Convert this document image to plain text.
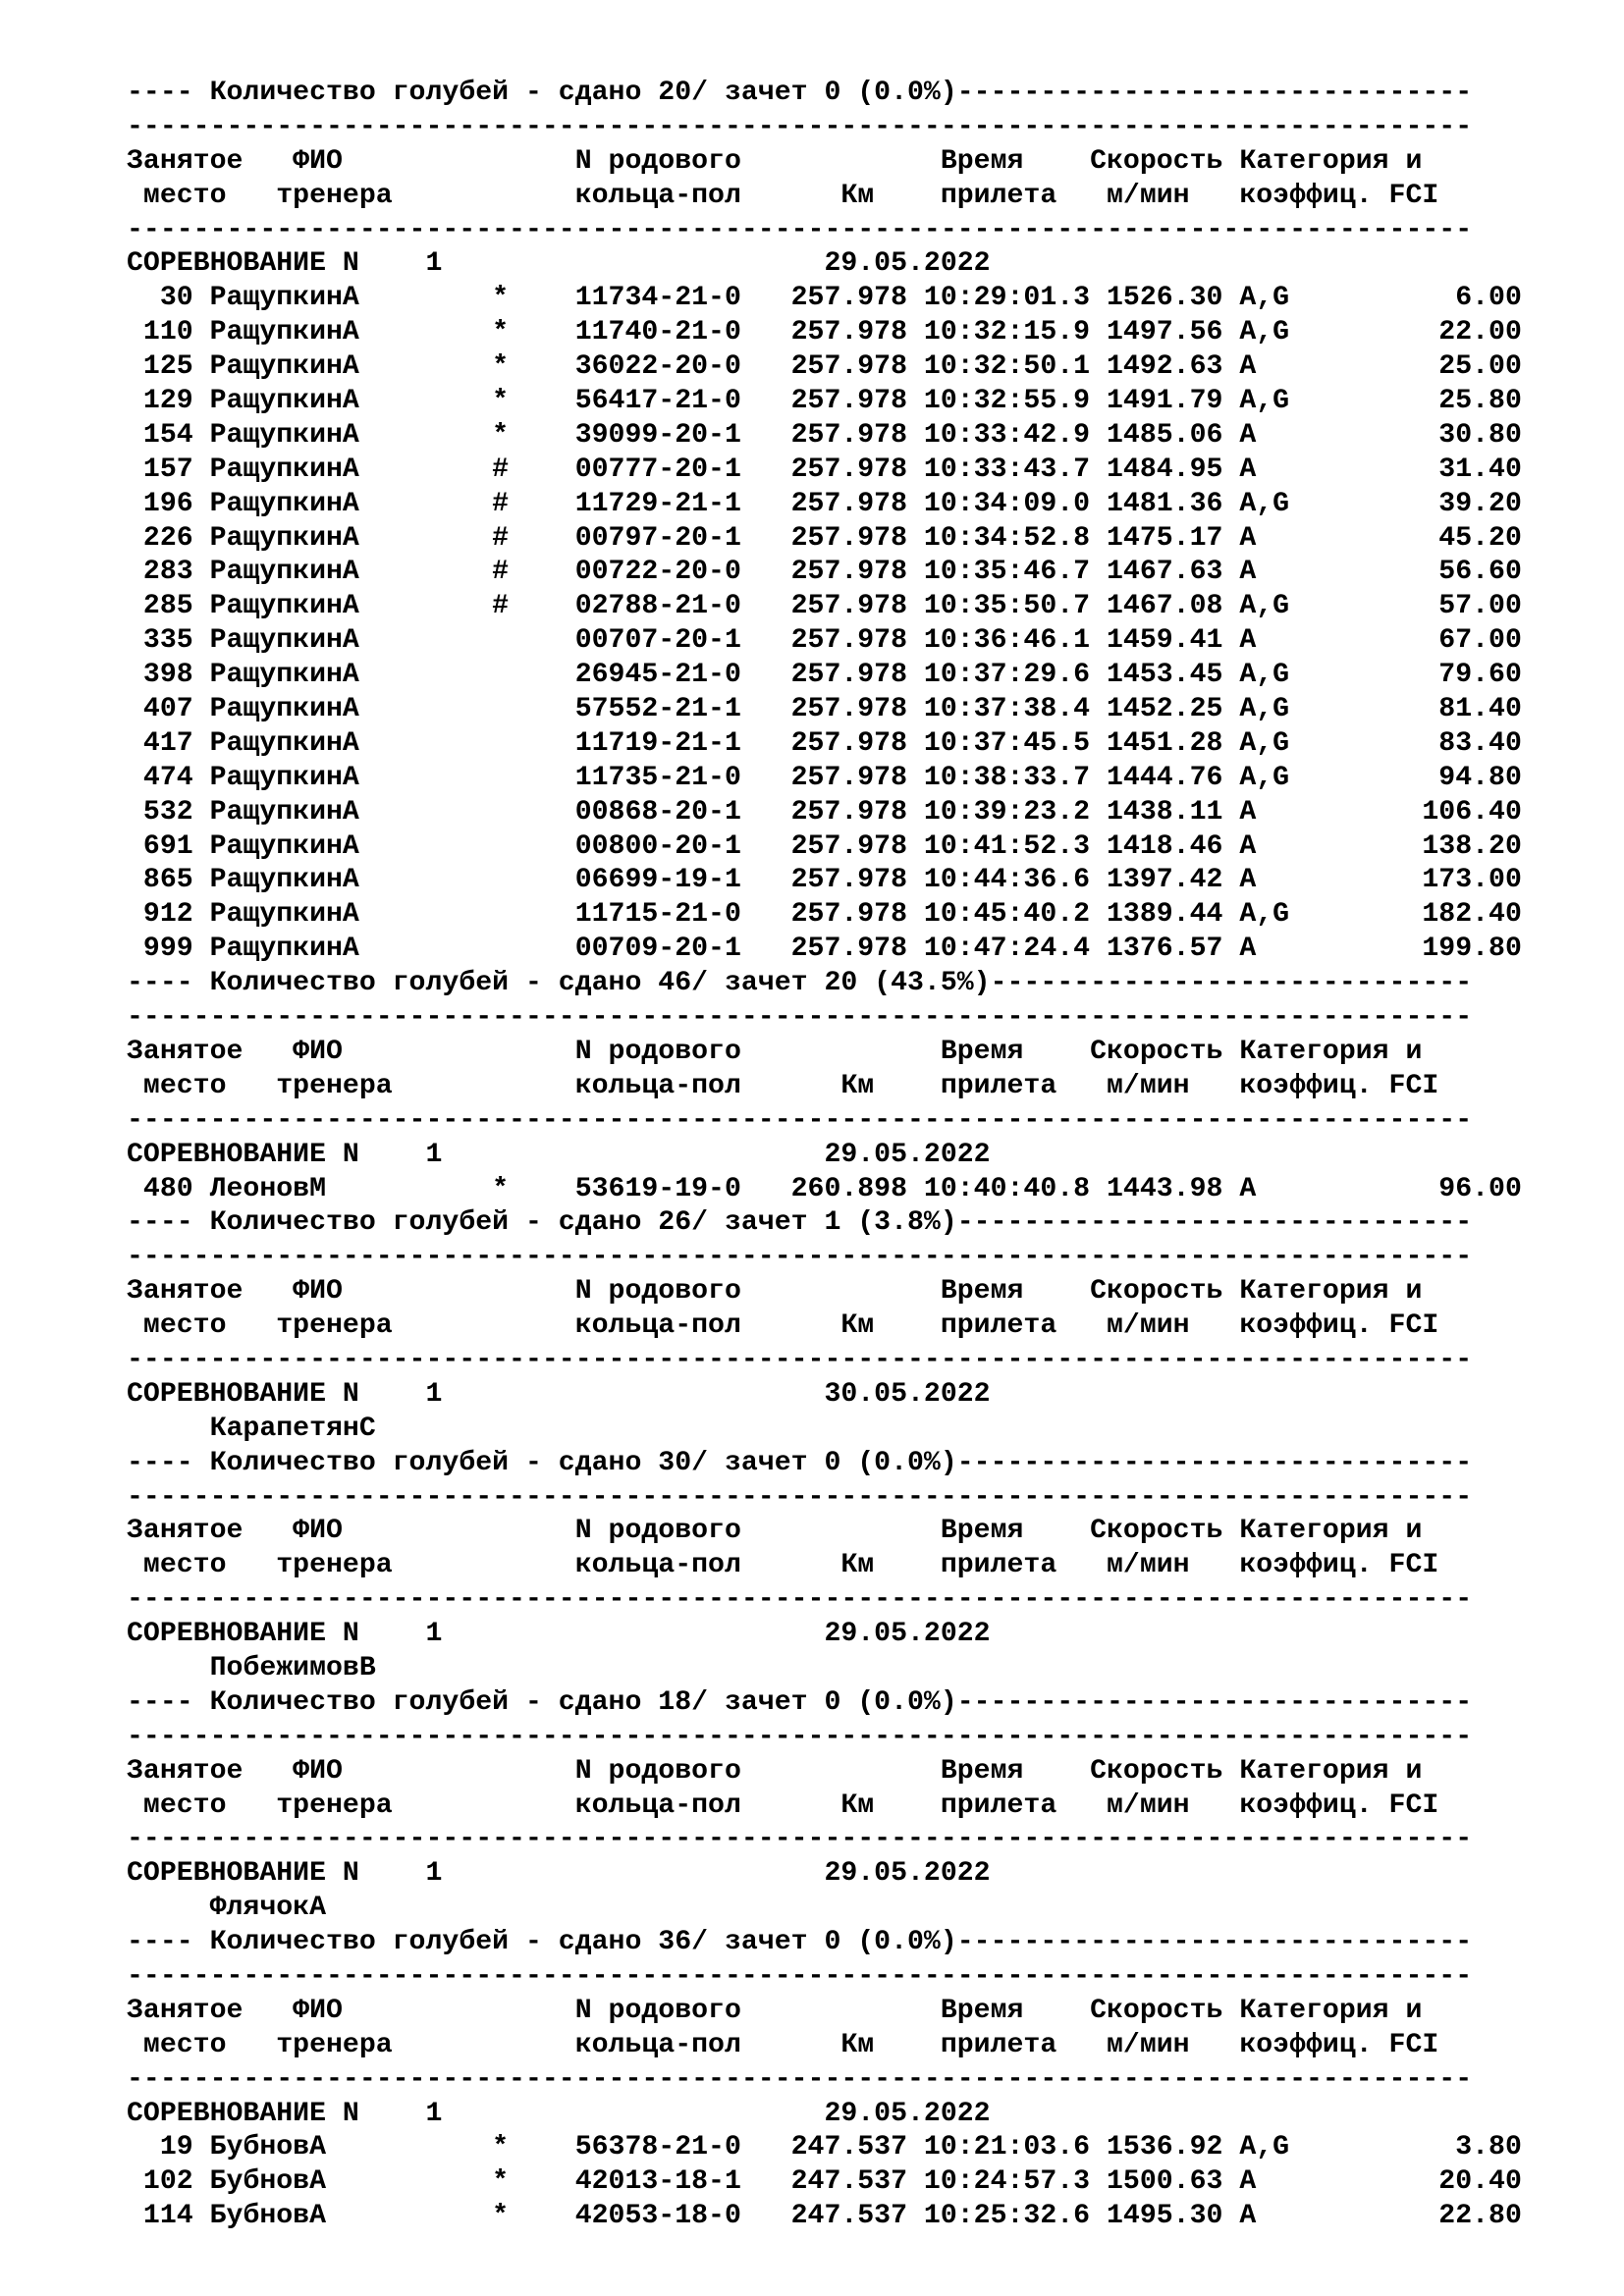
---- Количество голубей - сдано 20/ зачет 0 (0.0%)-------------------------------
---------------------------------------------------------------------------------
Занятое   ФИО              N родового            Время    Скорость Категория и
место   тренера           кольца-пол      Км    прилета   м/мин   коэффиц. FCI
---------------------------------------------------------------------------------
СОРЕВНОВАНИЕ N    1                       29.05.2022
30 РащупкинА        *    11734-21-0   257.978 10:29:01.3 1526.30 A,G          6.00
110 РащупкинА        *    11740-21-0   257.978 10:32:15.9 1497.56 A,G         22.00
125 РащупкинА        *    36022-20-0   257.978 10:32:50.1 1492.63 A           25.00
129 РащупкинА        *    56417-21-0   257.978 10:32:55.9 1491.79 A,G         25.80
154 РащупкинА        *    39099-20-1   257.978 10:33:42.9 1485.06 A           30.80
157 РащупкинА        #    00777-20-1   257.978 10:33:43.7 1484.95 A           31.40
196 РащупкинА        #    11729-21-1   257.978 10:34:09.0 1481.36 A,G         39.20
226 РащупкинА        #    00797-20-1   257.978 10:34:52.8 1475.17 A           45.20
283 РащупкинА        #    00722-20-0   257.978 10:35:46.7 1467.63 A           56.60
285 РащупкинА        #    02788-21-0   257.978 10:35:50.7 1467.08 A,G         57.00
335 РащупкинА             00707-20-1   257.978 10:36:46.1 1459.41 A           67.00
398 РащупкинА             26945-21-0   257.978 10:37:29.6 1453.45 A,G         79.60
407 РащупкинА             57552-21-1   257.978 10:37:38.4 1452.25 A,G         81.40
417 РащупкинА             11719-21-1   257.978 10:37:45.5 1451.28 A,G         83.40
474 РащупкинА             11735-21-0   257.978 10:38:33.7 1444.76 A,G         94.80
532 РащупкинА             00868-20-1   257.978 10:39:23.2 1438.11 A          106.40
691 РащупкинА             00800-20-1   257.978 10:41:52.3 1418.46 A          138.20
865 РащупкинА             06699-19-1   257.978 10:44:36.6 1397.42 A          173.00
912 РащупкинА             11715-21-0   257.978 10:45:40.2 1389.44 A,G        182.40
999 РащупкинА             00709-20-1   257.978 10:47:24.4 1376.57 A          199.80
---- Количество голубей - сдано 46/ зачет 20 (43.5%)-----------------------------
---------------------------------------------------------------------------------
Занятое   ФИО              N родового            Время    Скорость Категория и
место   тренера           кольца-пол      Км    прилета   м/мин   коэффиц. FCI
---------------------------------------------------------------------------------
СОРЕВНОВАНИЕ N    1                       29.05.2022
480 ЛеоновМ          *    53619-19-0   260.898 10:40:40.8 1443.98 A           96.00
---- Количество голубей - сдано 26/ зачет 1 (3.8%)-------------------------------
---------------------------------------------------------------------------------
Занятое   ФИО              N родового            Время    Скорость Категория и
место   тренера           кольца-пол      Км    прилета   м/мин   коэффиц. FCI
---------------------------------------------------------------------------------
СОРЕВНОВАНИЕ N    1                       30.05.2022
КарапетянС
---- Количество голубей - сдано 30/ зачет 0 (0.0%)-------------------------------
---------------------------------------------------------------------------------
Занятое   ФИО              N родового            Время    Скорость Категория и
место   тренера           кольца-пол      Км    прилета   м/мин   коэффиц. FCI
---------------------------------------------------------------------------------
СОРЕВНОВАНИЕ N    1                       29.05.2022
ПобежимовВ
---- Количество голубей - сдано 18/ зачет 0 (0.0%)-------------------------------
---------------------------------------------------------------------------------
Занятое   ФИО              N родового            Время    Скорость Категория и
место   тренера           кольца-пол      Км    прилета   м/мин   коэффиц. FCI
---------------------------------------------------------------------------------
СОРЕВНОВАНИЕ N    1                       29.05.2022
ФлячокА
---- Количество голубей - сдано 36/ зачет 0 (0.0%)-------------------------------
---------------------------------------------------------------------------------
Занятое   ФИО              N родового            Время    Скорость Категория и
место   тренера           кольца-пол      Км    прилета   м/мин   коэффиц. FCI
---------------------------------------------------------------------------------
СОРЕВНОВАНИЕ N    1                       29.05.2022
19 БубновА          *    56378-21-0   247.537 10:21:03.6 1536.92 A,G          3.80
102 БубновА          *    42013-18-1   247.537 10:24:57.3 1500.63 A           20.40
114 БубновА          *    42053-18-0   247.537 10:25:32.6 1495.30 A           22.80
